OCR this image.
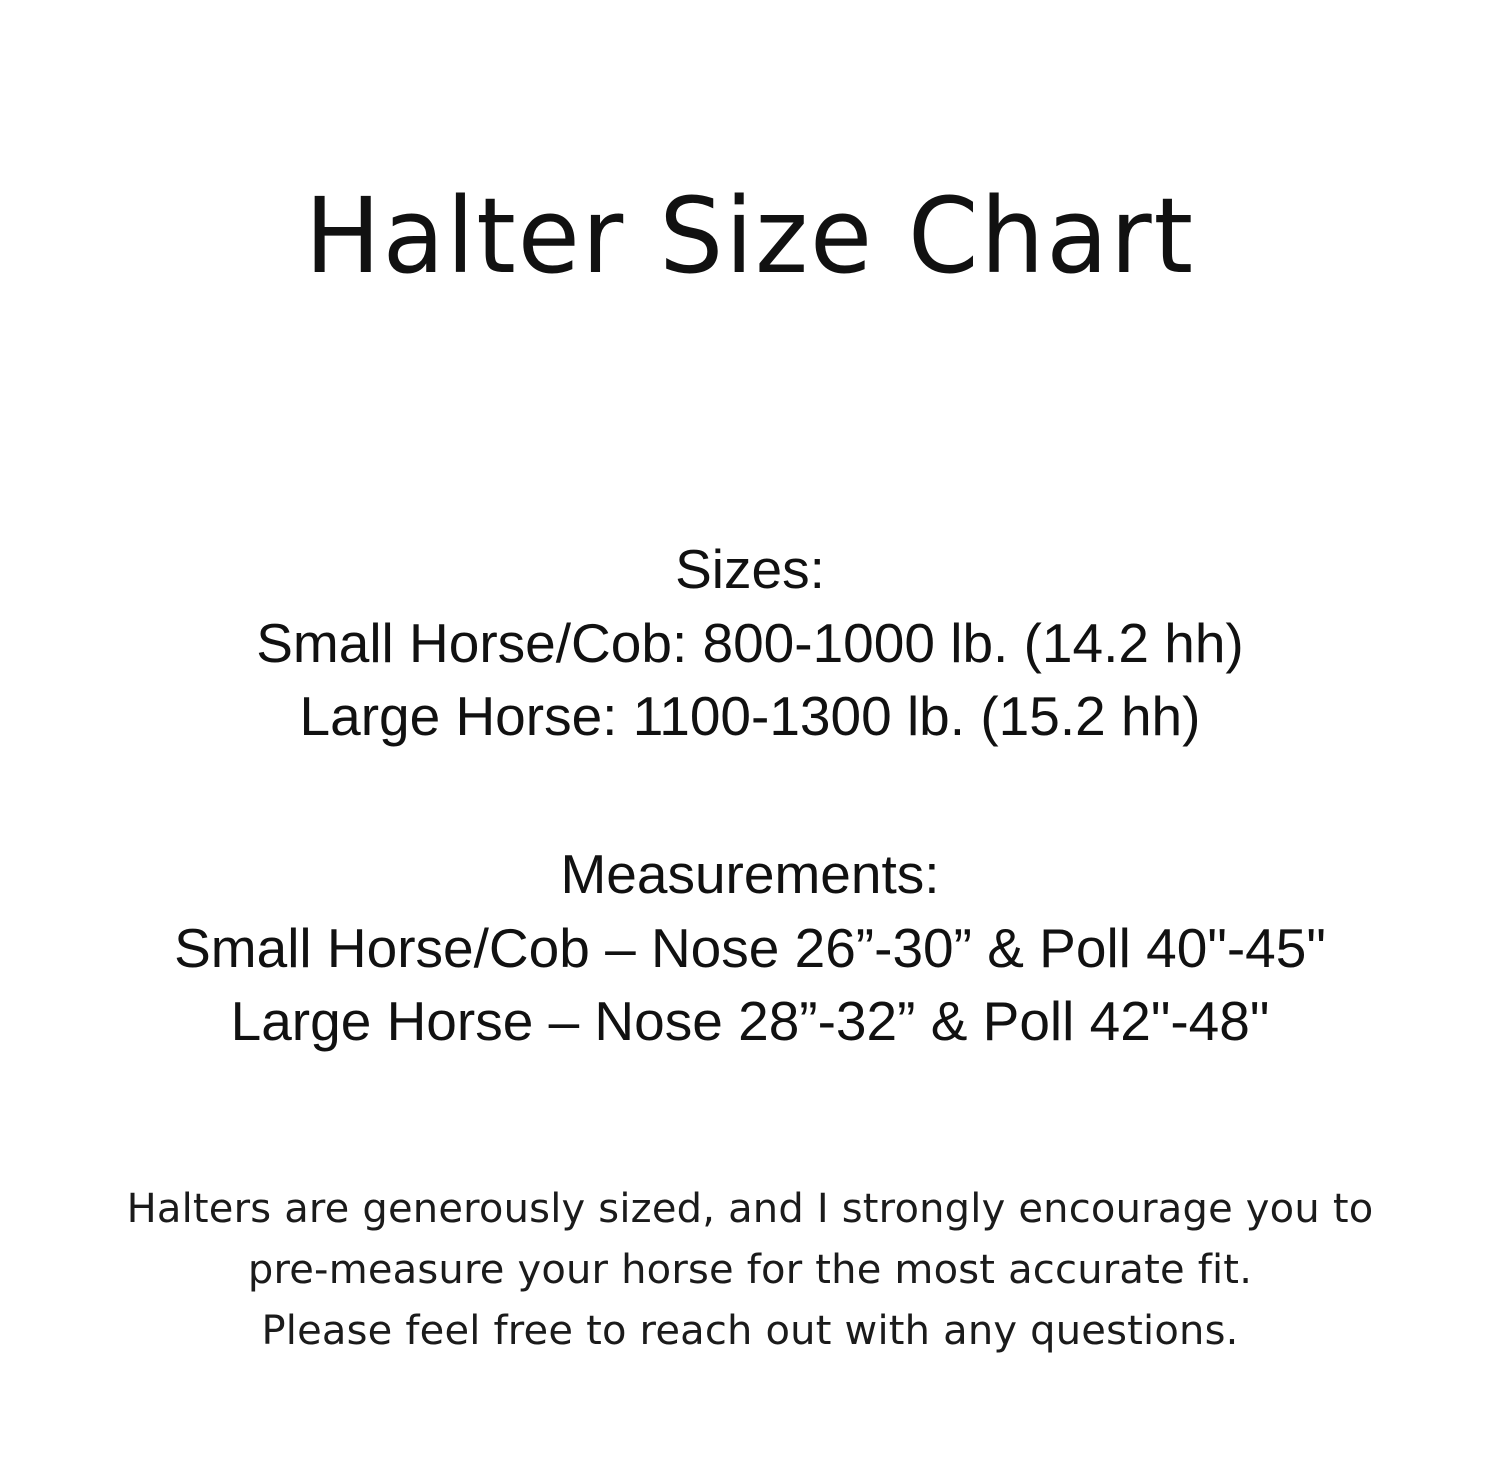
Halter Size Chart
Sizes:
Small Horse/Cob: 800-1000 lb. (14.2 hh)
Large Horse: 1100-1300 lb. (15.2 hh)
Measurements:
Small Horse/Cob – Nose 26”-30” & Poll 40"-45"
Large Horse – Nose 28”-32” & Poll 42"-48"
Halters are generously sized, and I strongly encourage you to
pre-measure your horse for the most accurate fit.
Please feel free to reach out with any questions.
